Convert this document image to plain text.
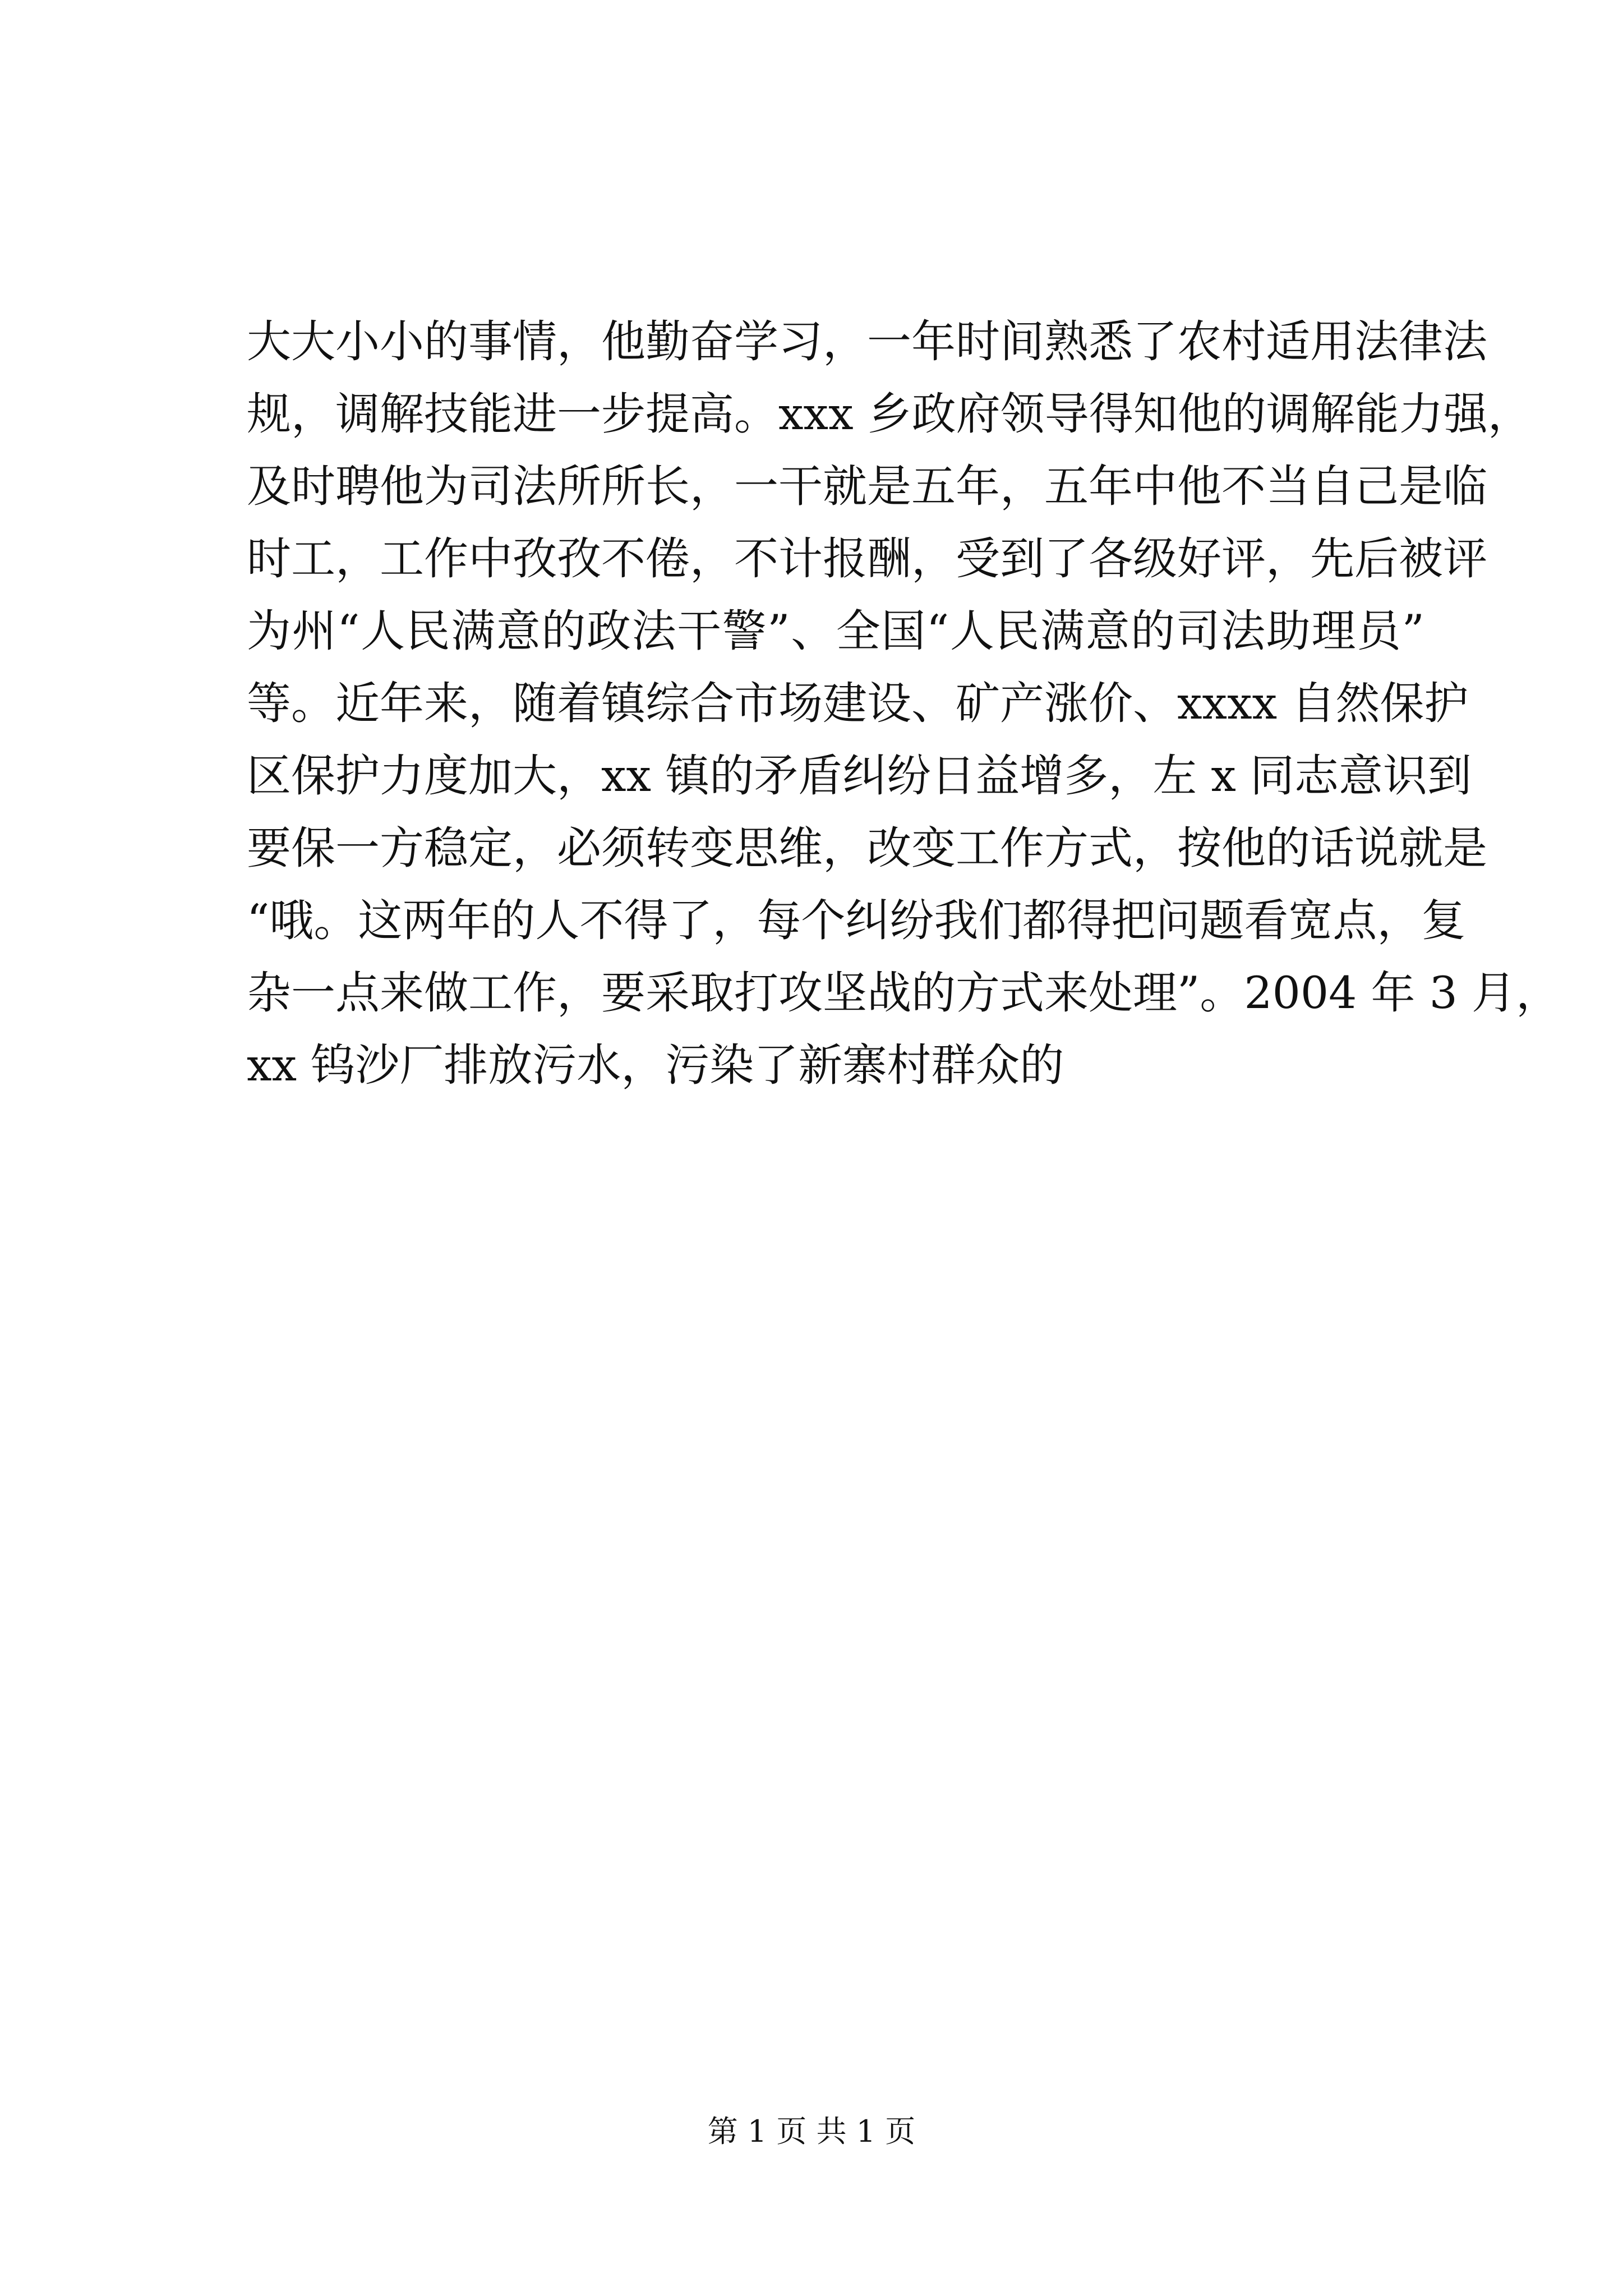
大大小小的事情，他勤奋学习，一年时间熟悉了农村适用法律法
规，调解技能进一步提高。xxx 乡政府领导得知他的调解能力强，
及时聘他为司法所所长，一干就是五年，五年中他不当自己是临
时工，工作中孜孜不倦，不计报酬，受到了各级好评，先后被评
为州“人民满意的政法干警”、全国“人民满意的司法助理员”
等。近年来，随着镇综合市场建设、矿产涨价、xxxx 自然保护
区保护力度加大，xx 镇的矛盾纠纷日益增多，左 x 同志意识到
要保一方稳定，必须转变思维，改变工作方式，按他的话说就是
“哦。这两年的人不得了，每个纠纷我们都得把问题看宽点，复
杂一点来做工作，要采取打攻坚战的方式来处理”。2004 年 3 月，
xx 钨沙厂排放污水，污染了新寨村群众的
第 1 页 共 1 页
